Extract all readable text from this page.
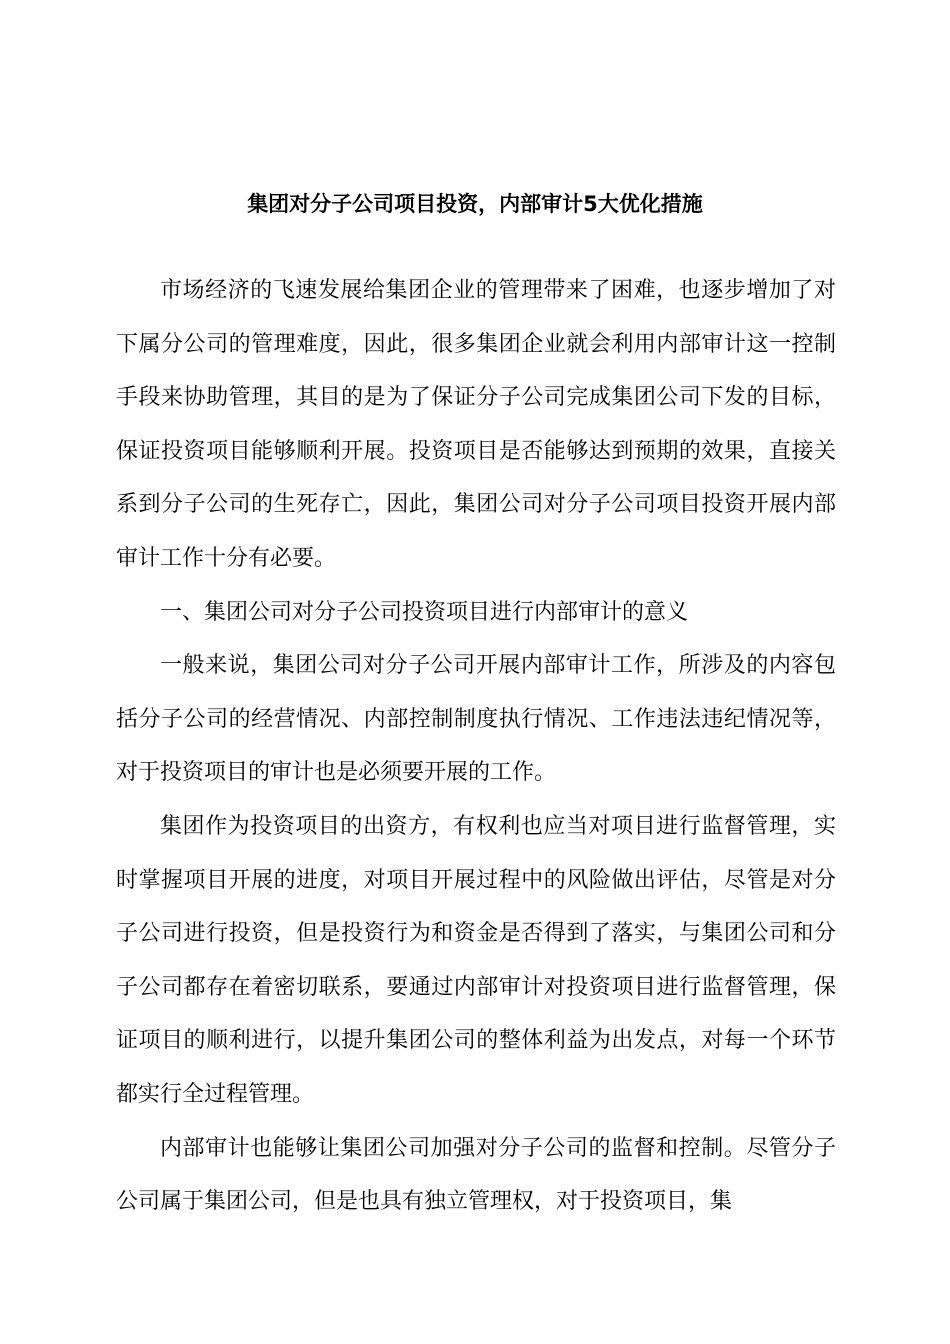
集团对分子公司项目投资，内部审计5大优化措施

市场经济的飞速发展给集团企业的管理带来了困难，也逐步增加了对下属分公司的管理难度，因此，很多集团企业就会利用内部审计这一控制手段来协助管理，其目的是为了保证分子公司完成集团公司下发的目标，保证投资项目能够顺利开展。投资项目是否能够达到预期的效果，直接关系到分子公司的生死存亡，因此，集团公司对分子公司项目投资开展内部审计工作十分有必要。

一、集团公司对分子公司投资项目进行内部审计的意义

一般来说，集团公司对分子公司开展内部审计工作，所涉及的内容包括分子公司的经营情况、内部控制制度执行情况、工作违法违纪情况等，对于投资项目的审计也是必须要开展的工作。

集团作为投资项目的出资方，有权利也应当对项目进行监督管理，实时掌握项目开展的进度，对项目开展过程中的风险做出评估，尽管是对分子公司进行投资，但是投资行为和资金是否得到了落实，与集团公司和分子公司都存在着密切联系，要通过内部审计对投资项目进行监督管理，保证项目的顺利进行，以提升集团公司的整体利益为出发点，对每一个环节都实行全过程管理。

内部审计也能够让集团公司加强对分子公司的监督和控制。尽管分子公司属于集团公司，但是也具有独立管理权，对于投资项目，集
